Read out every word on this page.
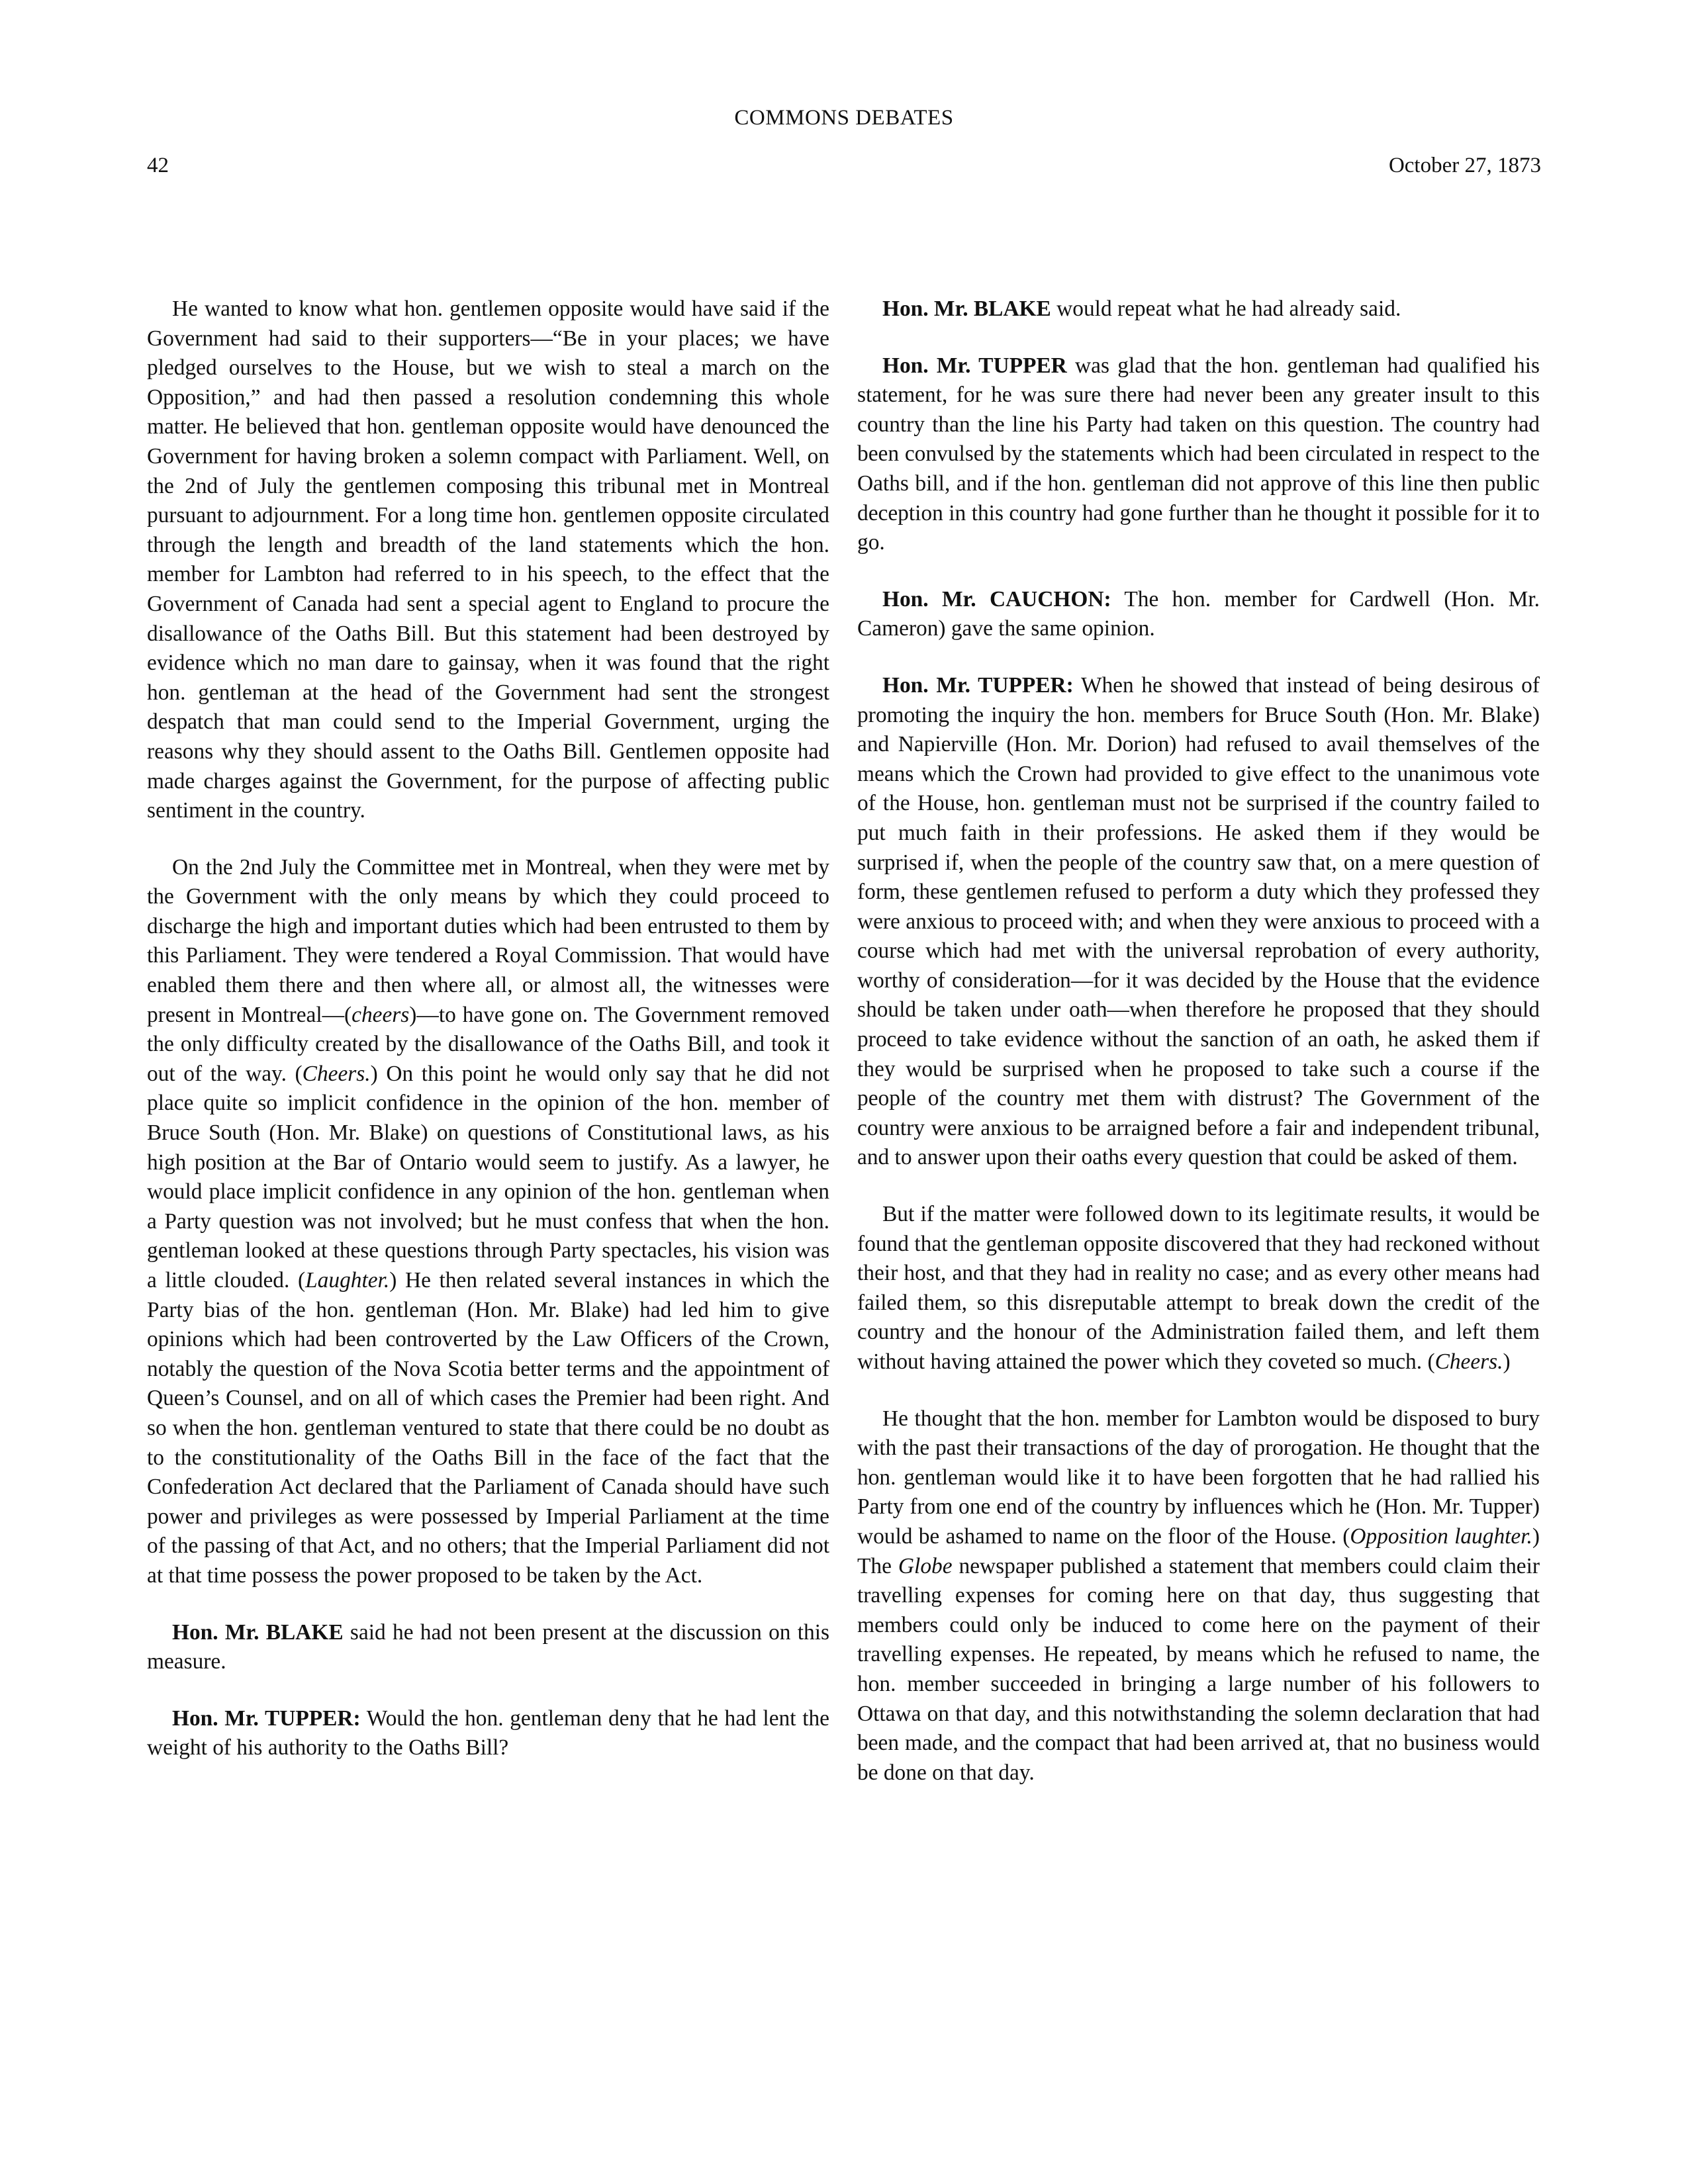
COMMONS DEBATES
42	October 27, 1873

He wanted to know what hon. gentlemen opposite would have said if the Government had said to their supporters—“Be in your places; we have pledged ourselves to the House, but we wish to steal a march on the Opposition,” and had then passed a resolution condemning this whole matter. He believed that hon. gentleman opposite would have denounced the Government for having broken a solemn compact with Parliament. Well, on the 2nd of July the gentlemen composing this tribunal met in Montreal pursuant to adjournment. For a long time hon. gentlemen opposite circulated through the length and breadth of the land statements which the hon. member for Lambton had referred to in his speech, to the effect that the Government of Canada had sent a special agent to England to procure the disallowance of the Oaths Bill. But this statement had been destroyed by evidence which no man dare to gainsay, when it was found that the right hon. gentleman at the head of the Government had sent the strongest despatch that man could send to the Imperial Government, urging the reasons why they should assent to the Oaths Bill. Gentlemen opposite had made charges against the Government, for the purpose of affecting public sentiment in the country.

On the 2nd July the Committee met in Montreal, when they were met by the Government with the only means by which they could proceed to discharge the high and important duties which had been entrusted to them by this Parliament. They were tendered a Royal Commission. That would have enabled them there and then where all, or almost all, the witnesses were present in Montreal—(cheers)—to have gone on. The Government removed the only difficulty created by the disallowance of the Oaths Bill, and took it out of the way. (Cheers.) On this point he would only say that he did not place quite so implicit confidence in the opinion of the hon. member of Bruce South (Hon. Mr. Blake) on questions of Constitutional laws, as his high position at the Bar of Ontario would seem to justify. As a lawyer, he would place implicit confidence in any opinion of the hon. gentleman when a Party question was not involved; but he must confess that when the hon. gentleman looked at these questions through Party spectacles, his vision was a little clouded. (Laughter.) He then related several instances in which the Party bias of the hon. gentleman (Hon. Mr. Blake) had led him to give opinions which had been controverted by the Law Officers of the Crown, notably the question of the Nova Scotia better terms and the appointment of Queen’s Counsel, and on all of which cases the Premier had been right. And so when the hon. gentleman ventured to state that there could be no doubt as to the constitutionality of the Oaths Bill in the face of the fact that the Confederation Act declared that the Parliament of Canada should have such power and privileges as were possessed by Imperial Parliament at the time of the passing of that Act, and no others; that the Imperial Parliament did not at that time possess the power proposed to be taken by the Act.

Hon. Mr. BLAKE said he had not been present at the discussion on this measure.

Hon. Mr. TUPPER: Would the hon. gentleman deny that he had lent the weight of his authority to the Oaths Bill?

Hon. Mr. BLAKE would repeat what he had already said.

Hon. Mr. TUPPER was glad that the hon. gentleman had qualified his statement, for he was sure there had never been any greater insult to this country than the line his Party had taken on this question. The country had been convulsed by the statements which had been circulated in respect to the Oaths bill, and if the hon. gentleman did not approve of this line then public deception in this country had gone further than he thought it possible for it to go.

Hon. Mr. CAUCHON: The hon. member for Cardwell (Hon. Mr. Cameron) gave the same opinion.

Hon. Mr. TUPPER: When he showed that instead of being desirous of promoting the inquiry the hon. members for Bruce South (Hon. Mr. Blake) and Napierville (Hon. Mr. Dorion) had refused to avail themselves of the means which the Crown had provided to give effect to the unanimous vote of the House, hon. gentleman must not be surprised if the country failed to put much faith in their professions. He asked them if they would be surprised if, when the people of the country saw that, on a mere question of form, these gentlemen refused to perform a duty which they professed they were anxious to proceed with; and when they were anxious to proceed with a course which had met with the universal reprobation of every authority, worthy of consideration—for it was decided by the House that the evidence should be taken under oath—when therefore he proposed that they should proceed to take evidence without the sanction of an oath, he asked them if they would be surprised when he proposed to take such a course if the people of the country met them with distrust? The Government of the country were anxious to be arraigned before a fair and independent tribunal, and to answer upon their oaths every question that could be asked of them.

But if the matter were followed down to its legitimate results, it would be found that the gentleman opposite discovered that they had reckoned without their host, and that they had in reality no case; and as every other means had failed them, so this disreputable attempt to break down the credit of the country and the honour of the Administration failed them, and left them without having attained the power which they coveted so much. (Cheers.)

He thought that the hon. member for Lambton would be disposed to bury with the past their transactions of the day of prorogation. He thought that the hon. gentleman would like it to have been forgotten that he had rallied his Party from one end of the country by influences which he (Hon. Mr. Tupper) would be ashamed to name on the floor of the House. (Opposition laughter.) The Globe newspaper published a statement that members could claim their travelling expenses for coming here on that day, thus suggesting that members could only be induced to come here on the payment of their travelling expenses. He repeated, by means which he refused to name, the hon. member succeeded in bringing a large number of his followers to Ottawa on that day, and this notwithstanding the solemn declaration that had been made, and the compact that had been arrived at, that no business would be done on that day.
